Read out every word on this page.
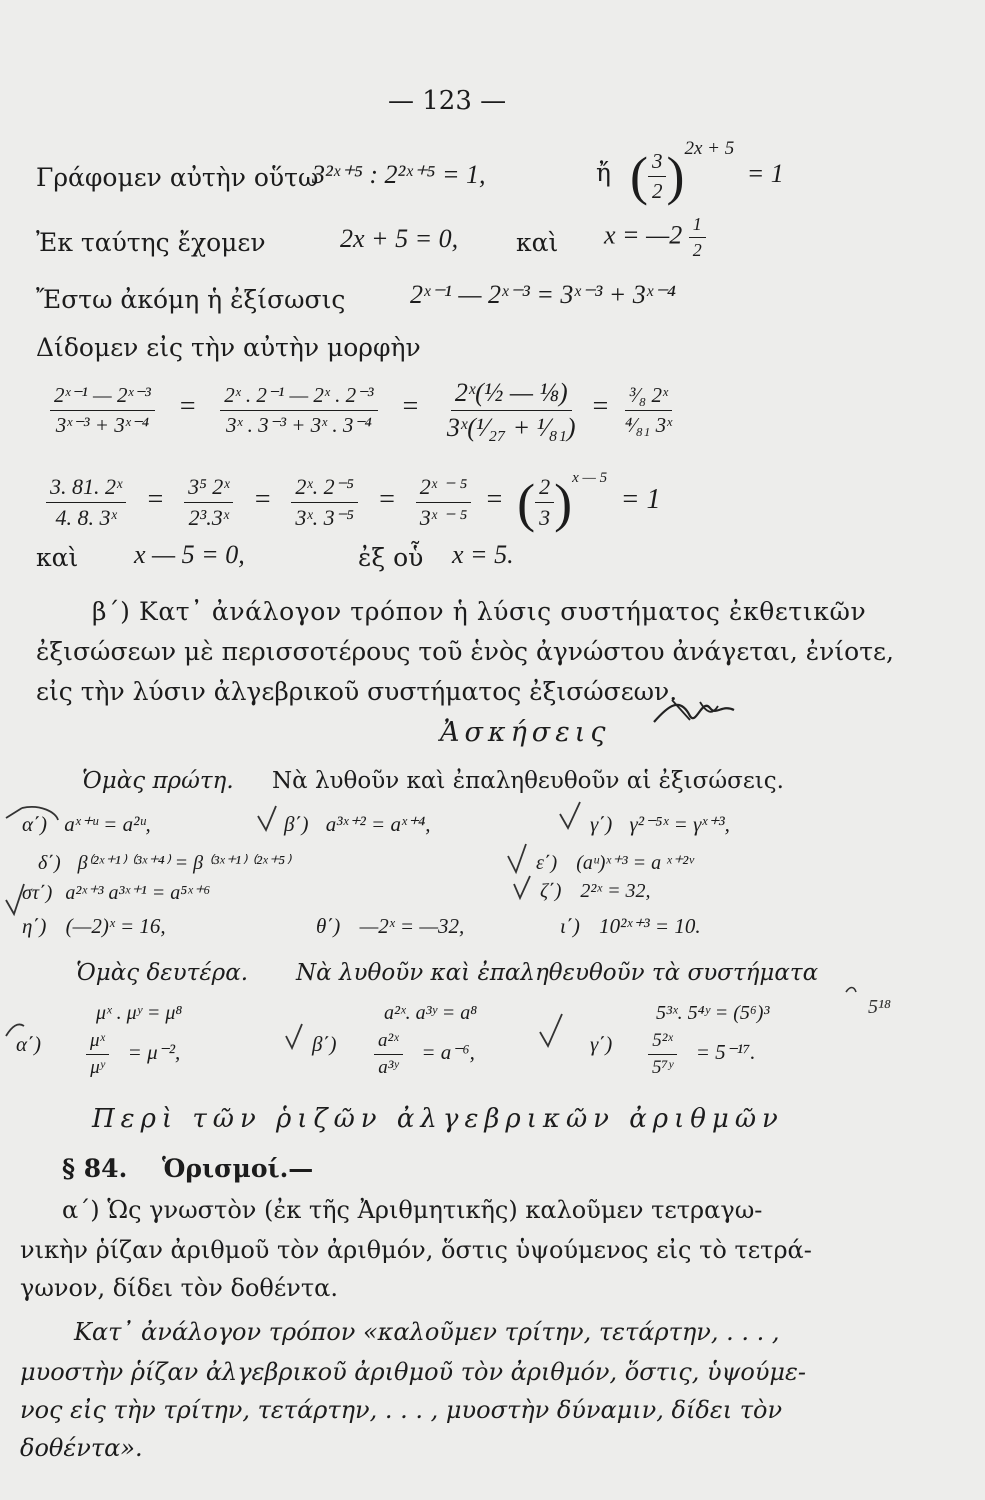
— 123 —
Γράφομεν αὐτὴν οὕτω
3²ˣ⁺⁵ : 2²ˣ⁺⁵ = 1,	ἤ ( $\frac{3}{2} )^{2x + 5} = 1$
Ἐκ ταύτης ἔχομεν	2x + 5 = 0, καὶ x = —2 $\frac{1}{2}$
Ἔστω ἀκόμη ἡ ἐξίσωσις 2ˣ⁻¹ — 2ˣ⁻³ = 3ˣ⁻³ + 3ˣ⁻⁴
Δίδομεν εἰς τὴν αὐτὴν μορφὴν
$\frac{\text{2ˣ⁻¹ — 2ˣ⁻³}}{\text{3ˣ⁻³ + 3ˣ⁻⁴}} = \frac{\text{2ˣ . 2⁻¹ — 2ˣ . 2⁻³}}{\text{3ˣ . 3⁻³ + 3ˣ . 3⁻⁴}} = \frac{\text{2ˣ(½ — ⅛)}}{\text{3ˣ(¹⁄₂₇ + ¹⁄₈₁)}} = \frac{\text{³⁄₈ 2ˣ}}{\text{⁴⁄₈₁ 3ˣ}}$
$\frac{\text{3. 81. 2ˣ}}{\text{4. 8. 3ˣ}} = \frac{\text{3⁵ 2ˣ}}{\text{2³.3ˣ}} = \frac{\text{2ˣ. 2⁻⁵}}{\text{3ˣ. 3⁻⁵}} = \frac{\text{2ˣ ⁻ ⁵}}{\text{3ˣ ⁻ ⁵}}$ = ( $\frac{2}{3} )^{x — 5} = 1$
καὶ x — 5 = 0,	ἐξ οὗ x = 5.
β΄) Κατ᾿ ἀνάλογον τρόπον ἡ λύσις συστήματος ἐκθετικῶν
ἐξισώσεων μὲ περισσοτέρους τοῦ ἑνὸς ἀγνώστου ἀνάγεται, ἐνίοτε,
εἰς τὴν λύσιν ἀλγεβρικοῦ συστήματος ἐξισώσεων.
Ἀσκήσεις
Ὁμὰς πρώτη. Νὰ λυθοῦν καὶ ἐπαληθευθοῦν αἱ ἐξισώσεις.
α΄) aˣ⁺ᵘ = a²ᵘ,	β΄) a³ˣ⁺² = aˣ⁺⁴,	γ΄) γ²⁻⁵ˣ = γˣ⁺³,
δ΄) β⁽²ˣ⁺¹⁾ ⁽³ˣ⁺⁴⁾ = β ⁽³ˣ⁺¹⁾ ⁽²ˣ⁺⁵⁾	ε΄) (aᵘ)ˣ⁺³ = a ˣ⁺²ᵛ
στ΄) a²ˣ⁺³ a³ˣ⁺¹ = a⁵ˣ⁺⁶	ζ΄) 2²ˣ = 32,
η΄) (—2)ˣ = 16,	θ΄) —2ˣ = —32,	ι΄) 10²ˣ⁺³ = 10.
Ὁμὰς δευτέρα. Νὰ λυθοῦν καὶ ἐπαληθευθοῦν τὰ συστήματα
α΄)
μˣ . μʸ = μ⁸
$\frac{\text{μˣ}}{\text{μʸ}} = \mu^{-2}$,	β΄)
a²ˣ. a³ʸ = a⁸
$\frac{\text{a²ˣ}}{\text{a³ʸ}} = a^{-6}$,	γ΄)
5³ˣ. 5⁴ʸ = (5⁶)³
$\frac{\text{5²ˣ}}{\text{5⁷ʸ}} = 5^{-17}$.
5¹⁸
Περὶ τῶν ῥιζῶν ἀλγεβρικῶν ἀριθμῶν
§ 84. Ὁρισμοί.—
α΄) Ὡς γνωστὸν (ἐκ τῆς Ἀριθμητικῆς) καλοῦμεν τετραγω-
νικὴν ῥίζαν ἀριθμοῦ τὸν ἀριθμόν, ὅστις ὑψούμενος εἰς τὸ τετρά-
γωνον, δίδει τὸν δοθέντα.
Κατ᾿ ἀνάλογον τρόπον «καλοῦμεν τρίτην, τετάρτην, . . . ,
μυοστὴν ῥίζαν ἀλγεβρικοῦ ἀριθμοῦ τὸν ἀριθμόν, ὅστις, ὑψούμε-
νος εἰς τὴν τρίτην, τετάρτην, . . . , μυοστὴν δύναμιν, δίδει τὸν
δοθέντα».
